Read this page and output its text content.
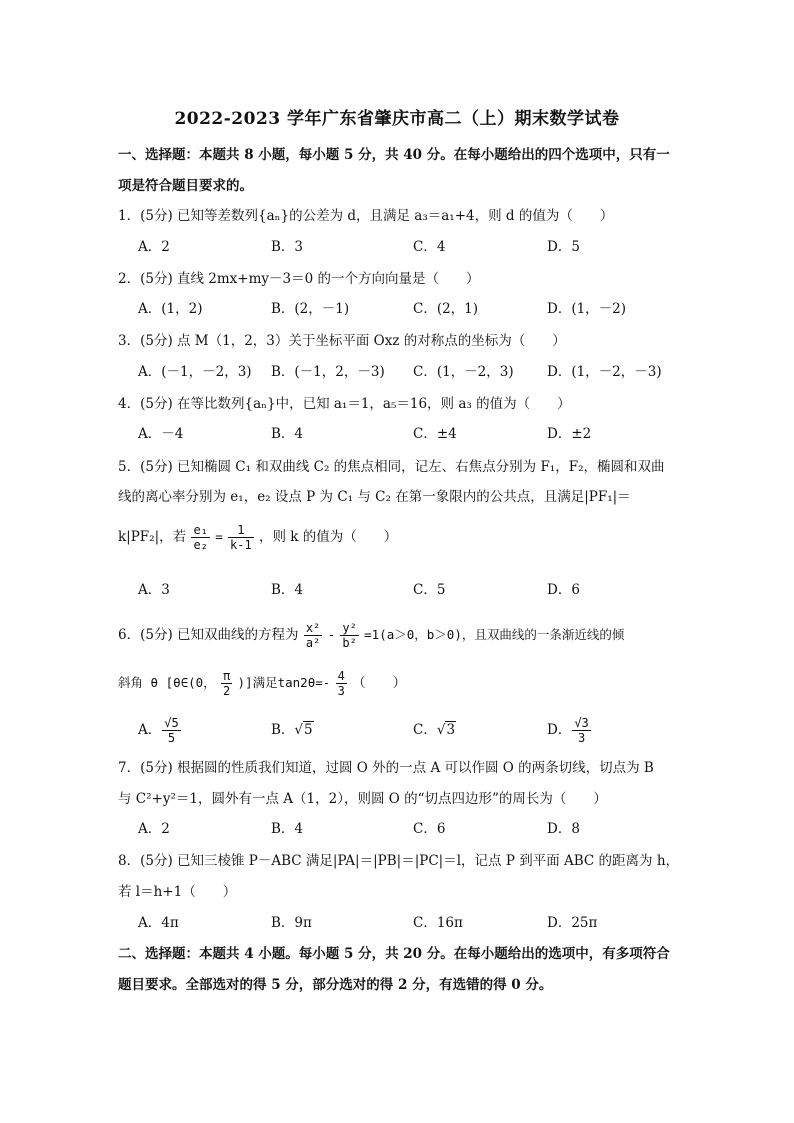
2022-2023 学年广东省肇庆市高二（上）期末数学试卷
一、选择题：本题共 8 小题，每小题 5 分，共 40 分。在每小题给出的四个选项中，只有一
项是符合题目要求的。
1．(5分) 已知等差数列{aₙ}的公差为 d，且满足 a₃＝a₁+4，则 d 的值为（　　）
A．2	B．3	C．4	D．5
2．(5分) 直线 2mx+my－3＝0 的一个方向向量是（　　）
A．(1，2)	B．(2，－1)	C．(2，1)	D．(1，－2)
3．(5分) 点 M（1，2，3）关于坐标平面 Oxz 的对称点的坐标为（　　）
A．(－1，－2，3) B．(－1，2，－3) C．(1，－2，3) D．(1，－2，－3)
4．(5分) 在等比数列{aₙ}中，已知 a₁＝1，a₅＝16，则 a₃ 的值为（　　）
A．－4	B．4	C．±4	D．±2
5．(5分) 已知椭圆 C₁ 和双曲线 C₂ 的焦点相同，记左、右焦点分别为 F₁，F₂，椭圆和双曲
线的离心率分别为 e₁，e₂ 设点 P 为 C₁ 与 C₂ 在第一象限内的公共点，且满足|PF₁|＝
k|PF₂|，若 $\frac{\text{e₁}}{\text{e₂}} = \frac{1}{k-1}$ ，则 k 的值为（　　）
A．3	B．4	C．5	D．6
6．(5分) 已知双曲线的方程为 $\frac{\text{x²}}{\text{a²}} - \frac{\text{y²}}{\text{b²}} =1(a>0$，b＞0)，且双曲线的一条渐近线的倾
斜角 θ [θ∈(0， $\frac{\pi}{2}$ )]满足$\tan 2\theta=- \frac{4}{3}$ （　　）
A． $\frac{√5}{5}$	B．√5	C．√3	D． $\frac{√3}{3}$
7．(5分) 根据圆的性质我们知道，过圆 O 外的一点 A 可以作圆 O 的两条切线，切点为 B
与 C²+y²＝1，圆外有一点 A（1，2），则圆 O 的“切点四边形”的周长为（　　）
A．2	B．4	C．6	D．8
8．(5分) 已知三棱锥 P－ABC 满足|PA|＝|PB|＝|PC|＝l，记点 P 到平面 ABC 的距离为 h，
若 l＝h+1（　　）
A．4π	B．9π	C．16π	D．25π
二、选择题：本题共 4 小题。每小题 5 分，共 20 分。在每小题给出的选项中，有多项符合
题目要求。全部选对的得 5 分，部分选对的得 2 分，有选错的得 0 分。
